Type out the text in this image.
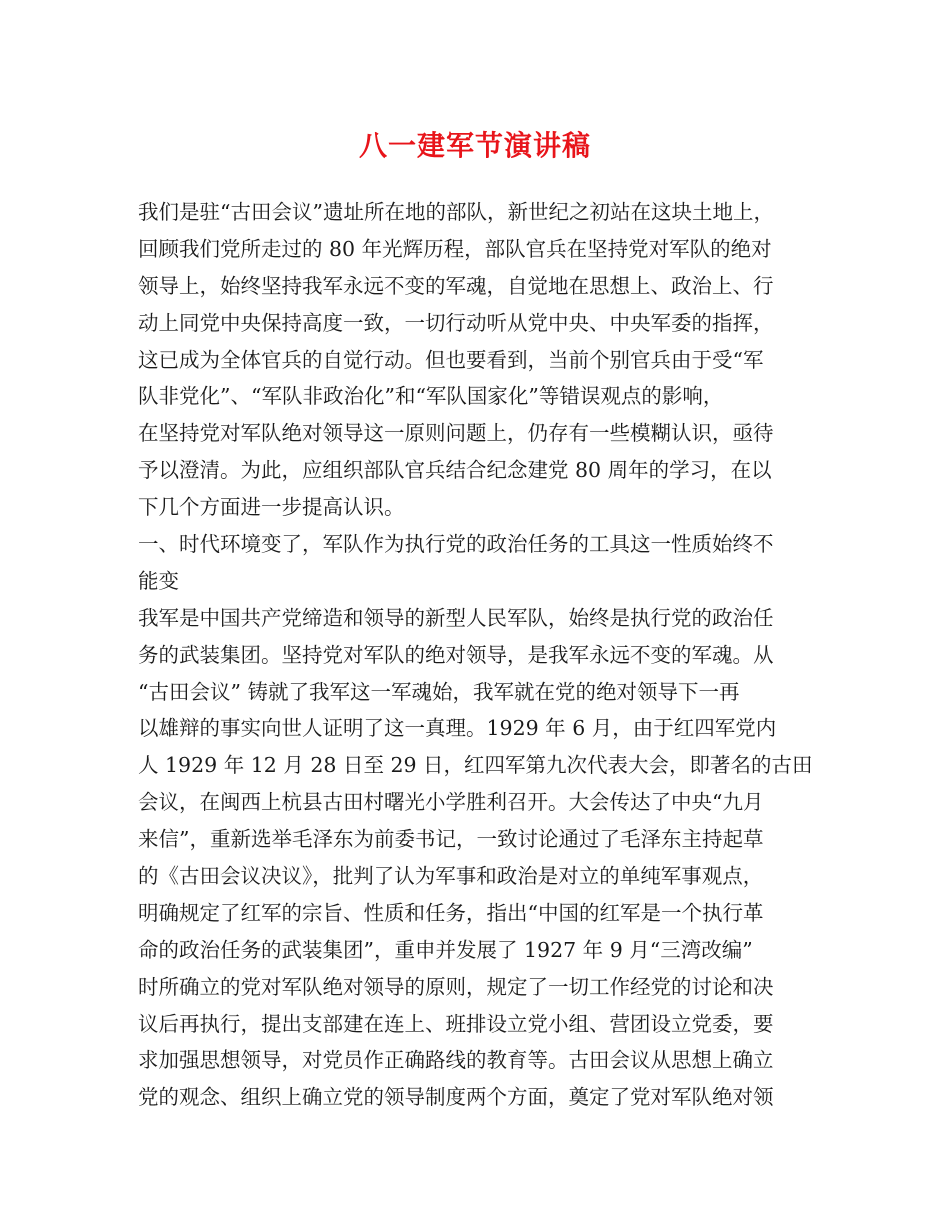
八一建军节演讲稿
我们是驻“古田会议”遗址所在地的部队，新世纪之初站在这块土地上，
回顾我们党所走过的 80 年光辉历程，部队官兵在坚持党对军队的绝对
领导上，始终坚持我军永远不变的军魂，自觉地在思想上、政治上、行
动上同党中央保持高度一致，一切行动听从党中央、中央军委的指挥，
这已成为全体官兵的自觉行动。但也要看到，当前个别官兵由于受“军
队非党化”、“军队非政治化”和“军队国家化”等错误观点的影响，
在坚持党对军队绝对领导这一原则问题上，仍存有一些模糊认识，亟待
予以澄清。为此，应组织部队官兵结合纪念建党 80 周年的学习，在以
下几个方面进一步提高认识。
一、时代环境变了，军队作为执行党的政治任务的工具这一性质始终不
能变
我军是中国共产党缔造和领导的新型人民军队，始终是执行党的政治任
务的武装集团。坚持党对军队的绝对领导，是我军永远不变的军魂。从
“古田会议” 铸就了我军这一军魂始，我军就在党的绝对领导下一再
以雄辩的事实向世人证明了这一真理。1929 年 6 月，由于红四军党内
人 1929 年 12 月 28 日至 29 日，红四军第九次代表大会，即著名的古田
会议，在闽西上杭县古田村曙光小学胜利召开。大会传达了中央“九月
来信”，重新选举毛泽东为前委书记，一致讨论通过了毛泽东主持起草
的《古田会议决议》，批判了认为军事和政治是对立的单纯军事观点，
明确规定了红军的宗旨、性质和任务，指出“中国的红军是一个执行革
命的政治任务的武装集团”，重申并发展了 1927 年 9 月“三湾改编”
时所确立的党对军队绝对领导的原则，规定了一切工作经党的讨论和决
议后再执行，提出支部建在连上、班排设立党小组、营团设立党委，要
求加强思想领导，对党员作正确路线的教育等。古田会议从思想上确立
党的观念、组织上确立党的领导制度两个方面，奠定了党对军队绝对领
